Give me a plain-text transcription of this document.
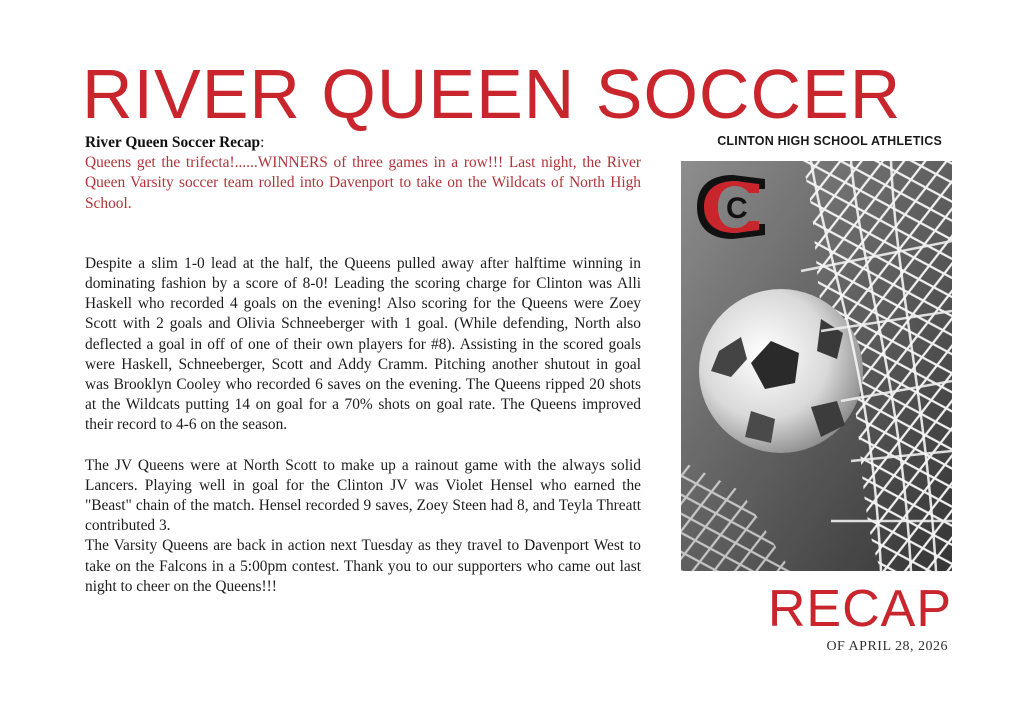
RIVER QUEEN SOCCER
CLINTON HIGH SCHOOL ATHLETICS

River Queen Soccer Recap:

Queens get the trifecta!......WINNERS of three games in a row!!! Last night, the River Queen Varsity soccer team rolled into Davenport to take on the Wildcats of North High School.

Despite a slim 1-0 lead at the half, the Queens pulled away after halftime winning in dominating fashion by a score of 8-0! Leading the scoring charge for Clinton was Alli Haskell who recorded 4 goals on the evening! Also scoring for the Queens were Zoey Scott with 2 goals and Olivia Schneeberger with 1 goal. (While defending, North also deflected a goal in off of one of their own players for #8). Assisting in the scored goals were Haskell, Schneeberger, Scott and Addy Cramm. Pitching another shutout in goal was Brooklyn Cooley who recorded 6 saves on the evening. The Queens ripped 20 shots at the Wildcats putting 14 on goal for a 70% shots on goal rate. The Queens improved their record to 4-6 on the season.

The JV Queens were at North Scott to make up a rainout game with the always solid Lancers. Playing well in goal for the Clinton JV was Violet Hensel who earned the "Beast" chain of the match. Hensel recorded 9 saves, Zoey Steen had 8, and Teyla Threatt contributed 3.

The Varsity Queens are back in action next Tuesday as they travel to Davenport West to take on the Falcons in a 5:00pm contest. Thank you to our supporters who came out last night to cheer on the Queens!!!

C
RECAP
OF APRIL 28, 2026
